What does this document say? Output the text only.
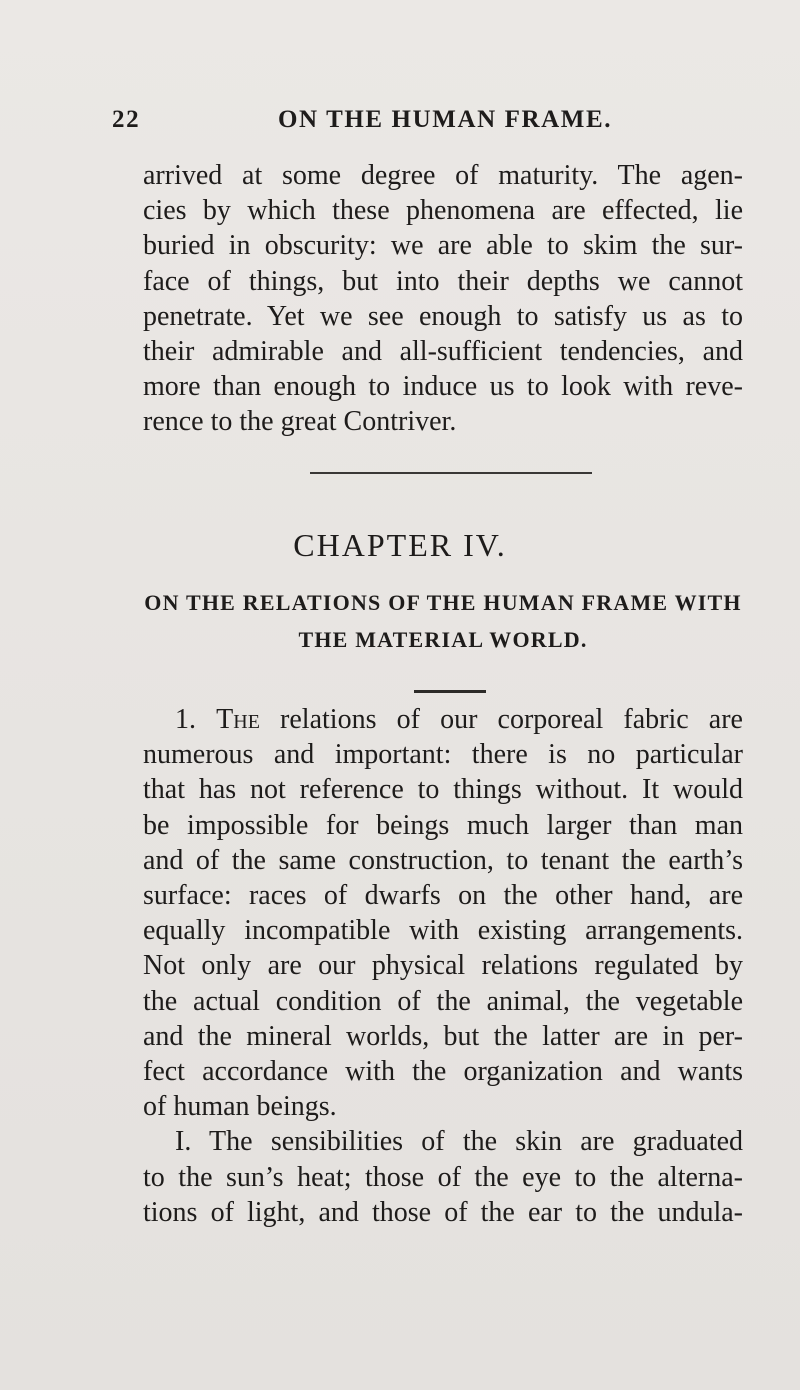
22	ON THE HUMAN FRAME.
arrived at some degree of maturity. The agen-
cies by which these phenomena are effected, lie
buried in obscurity: we are able to skim the sur-
face of things, but into their depths we cannot
penetrate. Yet we see enough to satisfy us as to
their admirable and all-sufficient tendencies, and
more than enough to induce us to look with reve-
rence to the great Contriver.
CHAPTER IV.
ON THE RELATIONS OF THE HUMAN FRAME WITH
THE MATERIAL WORLD.
1. The relations of our corporeal fabric are
numerous and important: there is no particular
that has not reference to things without. It would
be impossible for beings much larger than man
and of the same construction, to tenant the earth’s
surface: races of dwarfs on the other hand, are
equally incompatible with existing arrangements.
Not only are our physical relations regulated by
the actual condition of the animal, the vegetable
and the mineral worlds, but the latter are in per-
fect accordance with the organization and wants
of human beings.
I. The sensibilities of the skin are graduated
to the sun’s heat; those of the eye to the alterna-
tions of light, and those of the ear to the undula-
